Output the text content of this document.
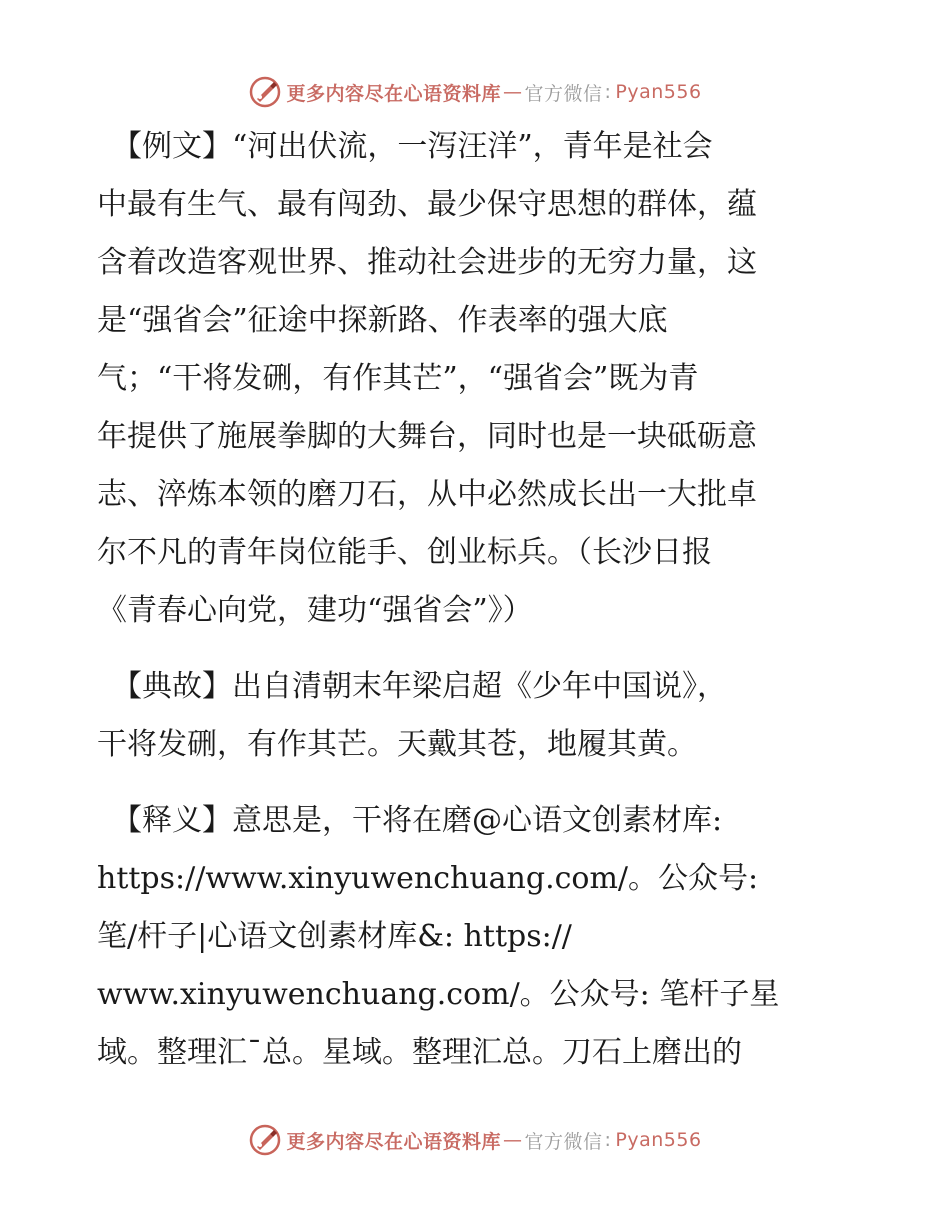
更多内容尽在心语资料库 — 官方微信 : Pyan556
　【例文】“河出伏流，一泻汪洋”，青年是社会
中最有生气、最有闯劲、最少保守思想的群体，蕴
含着改造客观世界、推动社会进步的无穷力量，这
是“强省会”征途中探新路、作表率的强大底
气；“干将发硎，有作其芒”，“强省会”既为青
年提供了施展拳脚的大舞台，同时也是一块砥砺意
志、淬炼本领的磨刀石，从中必然成长出一大批卓
尔不凡的青年岗位能手、创业标兵。（长沙日报
《青春心向党，建功“强省会”》）
　【典故】出自清朝末年梁启超《少年中国说》，
干将发硎，有作其芒。天戴其苍，地履其黄。
　【释义】意思是，干将在磨@心语文创素材库:
https://www.xinyuwenchuang.com/。公众号:
笔/杆子|心语文创素材库&: https://
www.xinyuwenchuang.com/。公众号: 笔杆子星
域。整理汇¯总。星域。整理汇总。刀石上磨出的
更多内容尽在心语资料库 — 官方微信 : Pyan556
